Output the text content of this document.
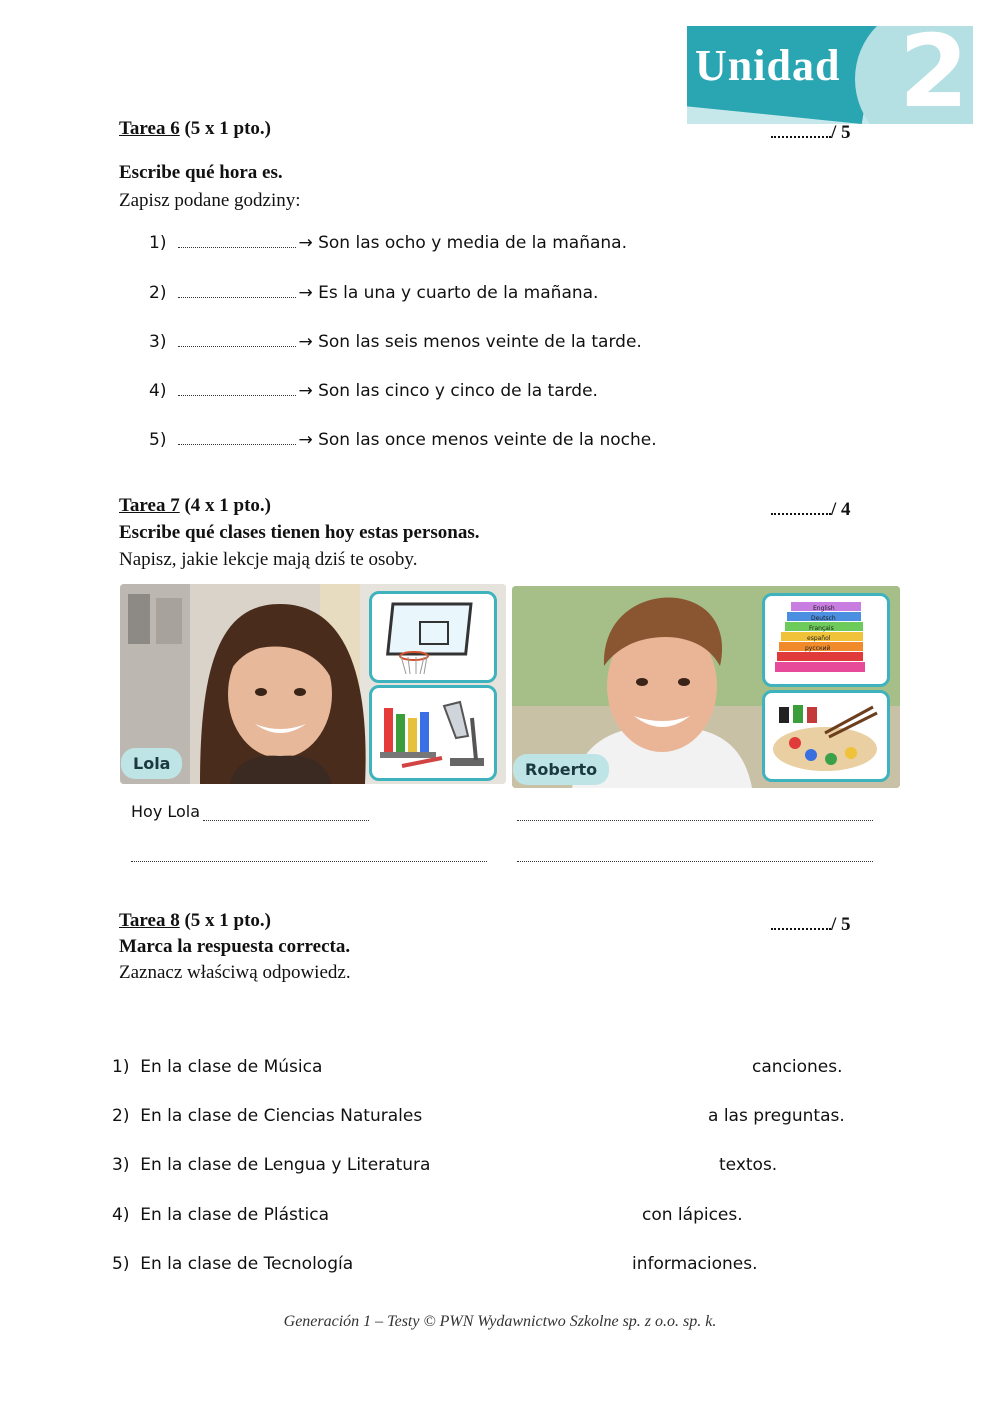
Unidad 2
Tarea 6 (5 x 1 pto.)	/ 5
Escribe qué hora es.
Zapisz podane godziny:
1)	→ Son las ocho y media de la mañana.
2)	→ Es la una y cuarto de la mañana.
3)	→ Son las seis menos veinte de la tarde.
4)	→ Son las cinco y cinco de la tarde.
5)	→ Son las once menos veinte de la noche.
Tarea 7 (4 x 1 pto.)	/ 4
Escribe qué clases tienen hoy estas personas.
Napisz, jakie lekcje mają dziś te osoby.
Lola
English
Deutsch
Français
español
русский
Roberto
Hoy Lola
Tarea 8 (5 x 1 pto.)	/ 5
Marca la respuesta correcta.
Zaznacz właściwą odpowiedz.
1) En la clase de Música	canciones.
2) En la clase de Ciencias Naturales	a las preguntas.
3) En la clase de Lengua y Literatura	textos.
4) En la clase de Plástica	con lápices.
5) En la clase de Tecnología	informaciones.
Generación 1 – Testy © PWN Wydawnictwo Szkolne sp. z o.o. sp. k.
